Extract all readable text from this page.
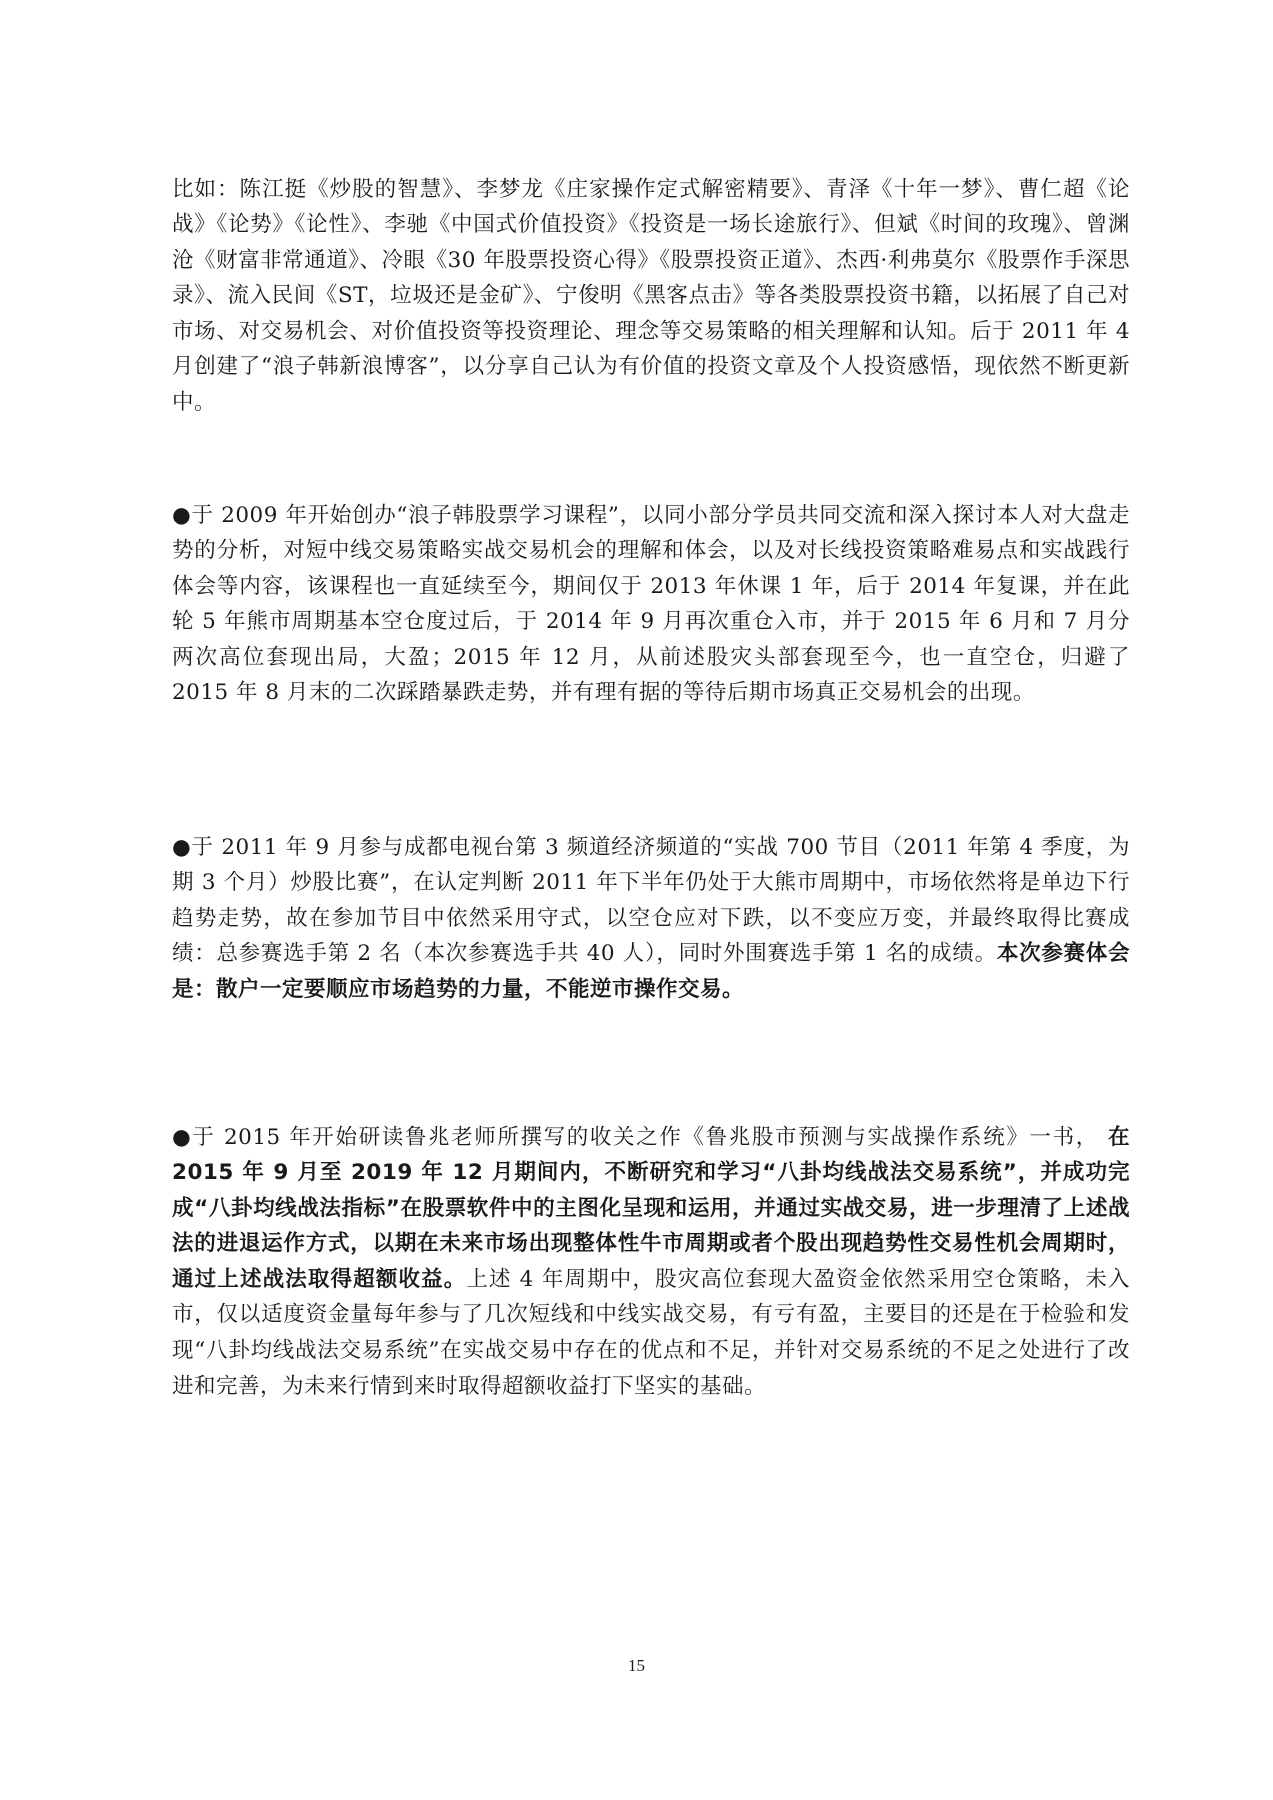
比如：陈江挺《炒股的智慧》、李梦龙《庄家操作定式解密精要》、青泽《十年一梦》、曹仁超《论战》《论势》《论性》、李驰《中国式价值投资》《投资是一场长途旅行》、但斌《时间的玫瑰》、曾渊沧《财富非常通道》、冷眼《30 年股票投资心得》《股票投资正道》、杰西·利弗莫尔《股票作手深思录》、流入民间《ST，垃圾还是金矿》、宁俊明《黑客点击》等各类股票投资书籍，以拓展了自己对市场、对交易机会、对价值投资等投资理论、理念等交易策略的相关理解和认知。后于 2011 年 4 月创建了“浪子韩新浪博客”，以分享自己认为有价值的投资文章及个人投资感悟，现依然不断更新中。

●于 2009 年开始创办“浪子韩股票学习课程”，以同小部分学员共同交流和深入探讨本人对大盘走势的分析，对短中线交易策略实战交易机会的理解和体会，以及对长线投资策略难易点和实战践行体会等内容，该课程也一直延续至今，期间仅于 2013 年休课 1 年，后于 2014 年复课，并在此轮 5 年熊市周期基本空仓度过后，于 2014 年 9 月再次重仓入市，并于 2015 年 6 月和 7 月分两次高位套现出局，大盈；2015 年 12 月，从前述股灾头部套现至今，也一直空仓，归避了 2015 年 8 月末的二次踩踏暴跌走势，并有理有据的等待后期市场真正交易机会的出现。

●于 2011 年 9 月参与成都电视台第 3 频道经济频道的“实战 700 节目（2011 年第 4 季度，为期 3 个月）炒股比赛”，在认定判断 2011 年下半年仍处于大熊市周期中，市场依然将是单边下行趋势走势，故在参加节目中依然采用守式，以空仓应对下跌，以不变应万变，并最终取得比赛成绩：总参赛选手第 2 名（本次参赛选手共 40 人），同时外围赛选手第 1 名的成绩。本次参赛体会是：散户一定要顺应市场趋势的力量，不能逆市操作交易。

●于 2015 年开始研读鲁兆老师所撰写的收关之作《鲁兆股市预测与实战操作系统》一书， 在 2015 年 9 月至 2019 年 12 月期间内，不断研究和学习“八卦均线战法交易系统”，并成功完成“八卦均线战法指标”在股票软件中的主图化呈现和运用，并通过实战交易，进一步理清了上述战法的进退运作方式，以期在未来市场出现整体性牛市周期或者个股出现趋势性交易性机会周期时，通过上述战法取得超额收益。上述 4 年周期中，股灾高位套现大盈资金依然采用空仓策略，未入市，仅以适度资金量每年参与了几次短线和中线实战交易，有亏有盈，主要目的还是在于检验和发现“八卦均线战法交易系统”在实战交易中存在的优点和不足，并针对交易系统的不足之处进行了改进和完善，为未来行情到来时取得超额收益打下坚实的基础。

15
